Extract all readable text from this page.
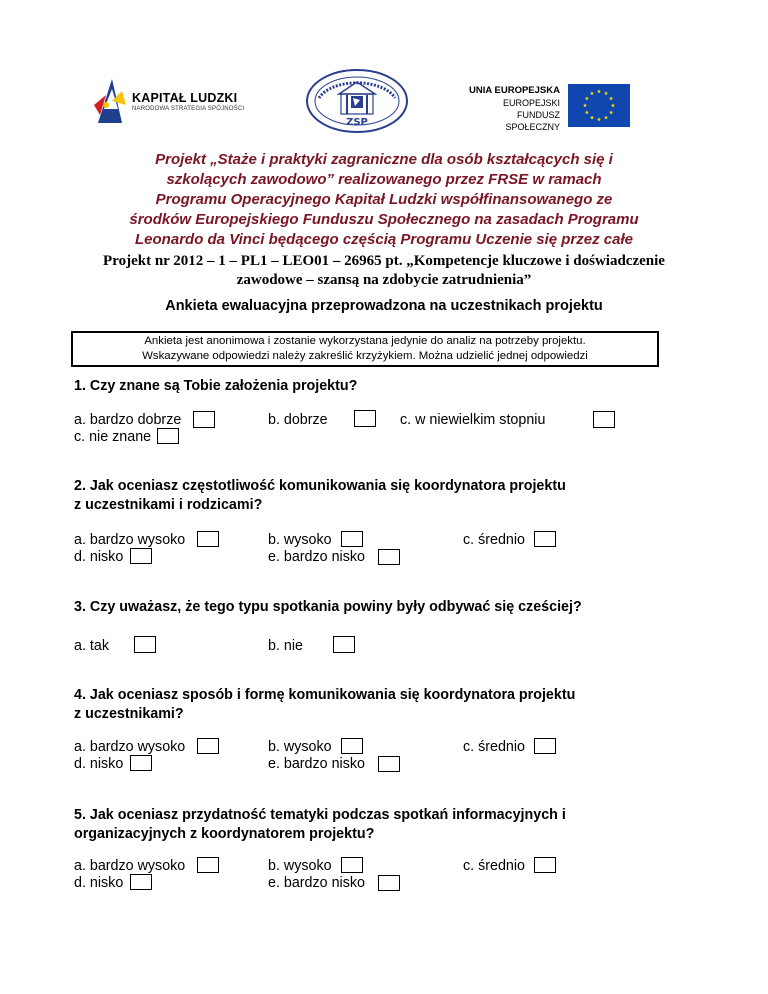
KAPITAŁ LUDZKI
NARODOWA STRATEGIA SPÓJNOŚCI
ZSP
UNIA EUROPEJSKA
EUROPEJSKI
FUNDUSZ SPOŁECZNY
Projekt „Staże i praktyki zagraniczne dla osób kształcących się i
szkolących zawodowo” realizowanego przez FRSE w ramach
Programu Operacyjnego Kapitał Ludzki współfinansowanego ze
środków Europejskiego Funduszu Społecznego na zasadach Programu
Leonardo da Vinci będącego częścią Programu Uczenie się przez całe
Projekt nr 2012 – 1 – PL1 – LEO01 – 26965 pt. „Kompetencje kluczowe i doświadczenie
zawodowe – szansą na zdobycie zatrudnienia”
Ankieta ewaluacyjna przeprowadzona na uczestnikach projektu
Ankieta jest anonimowa i zostanie wykorzystana jedynie do analiz na potrzeby projektu.
Wskazywane odpowiedzi należy zakreślić krzyżykiem. Można udzielić jednej odpowiedzi
1. Czy znane są Tobie założenia projektu?
a. bardzo dobrze	b. dobrze	c. w niewielkim stopniu
c. nie znane
2. Jak oceniasz częstotliwość komunikowania się koordynatora projektu
z uczestnikami i rodzicami?
a. bardzo wysoko	b. wysoko	c. średnio
d. nisko	e. bardzo nisko
3. Czy uważasz, że tego typu spotkania powiny były odbywać się cześciej?
a. tak	b. nie
4. Jak oceniasz sposób i formę komunikowania się koordynatora projektu
z uczestnikami?
a. bardzo wysoko	b. wysoko	c. średnio
d. nisko	e. bardzo nisko
5. Jak oceniasz przydatność tematyki podczas spotkań informacyjnych i
organizacyjnych z koordynatorem projektu?
a. bardzo wysoko	b. wysoko	c. średnio
d. nisko	e. bardzo nisko
